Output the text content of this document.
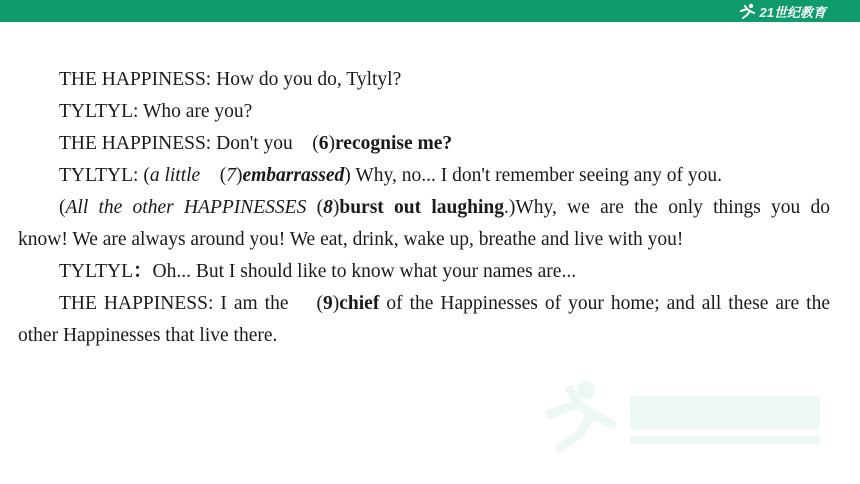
21世纪教育
THE HAPPINESS: How do you do, Tyltyl?
TYLTYL: Who are you?
THE HAPPINESS: Don't you    (6)recognise me?
TYLTYL: (a little    (7)embarrassed) Why, no... I don't remember seeing any of you.
(All the other HAPPINESSES (8)burst out laughing.)Why, we are the only things you do
know! We are always around you! We eat, drink, wake up, breathe and live with you!
TYLTYL：Oh... But I should like to know what your names are...
THE HAPPINESS: I am the    (9)chief of the Happinesses of your home; and all these are the
other Happinesses that live there.
